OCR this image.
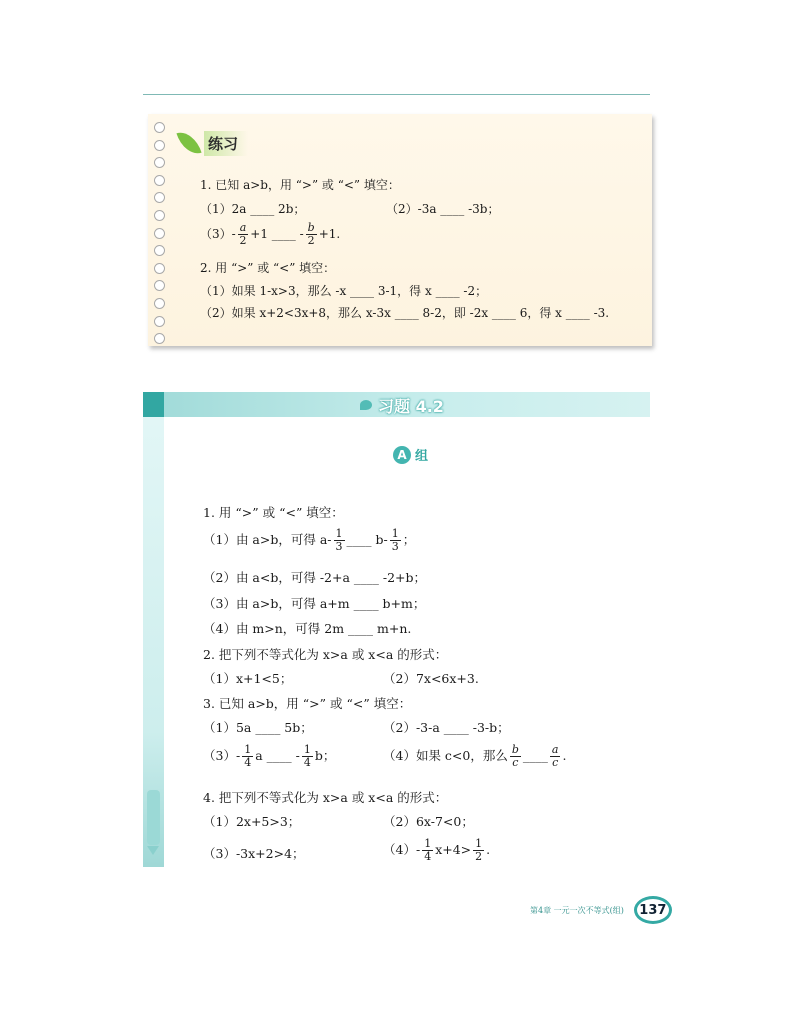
练习
1. 已知 a>b，用 “>” 或 “<” 填空：
（1）2a ____ 2b；	（2）-3a ____ -3b；
$(3)- \frac{a}{2} +1$ ____ - $\frac{b}{2} +1$.
2. 用 “>” 或 “<” 填空：
（1）如果 1-x>3，那么 -x ____ 3-1，得 x ____ -2；
（2）如果 x+2<3x+8，那么 x-3x ____ 8-2，即 -2x ____ 6，得 x ____ -3.
习题 4.2
A 组
1. 用 “>” 或 “<” 填空：
（1）由 a>b，可得 $a- \frac{1}{3}$ ____ $b- \frac{1}{3}$ ；
（2）由 a<b，可得 -2+a ____ -2+b；
（3）由 a>b，可得 a+m ____ b+m；
（4）由 m>n，可得 2m ____ m+n.
2. 把下列不等式化为 x>a 或 x<a 的形式：
（1）x+1<5；	（2）7x<6x+3.
3. 已知 a>b，用 “>” 或 “<” 填空：
（1）5a ____ 5b；	（2）-3-a ____ -3-b；
$(3)- \frac{1}{4}$ a ____ - $\frac{1}{4}$ b；	（4）如果 c<0，那么 $\frac{b}{c}$ ____ $\frac{a}{c}$ .
4. 把下列不等式化为 x>a 或 x<a 的形式：
（1）2x+5>3；	（2）6x-7<0；
（3）-3x+2>4；	$(4)- \frac{1}{4} x+4> \frac{1}{2}$ .
第4章 一元一次不等式(组)	137
